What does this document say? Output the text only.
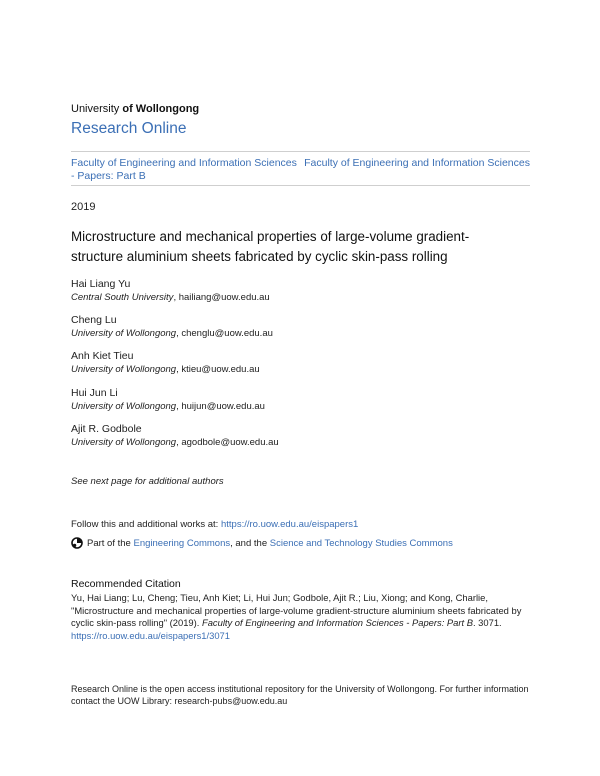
University of Wollongong
Research Online
Faculty of Engineering and Information Sciences - Papers: Part B
Faculty of Engineering and Information Sciences
2019
Microstructure and mechanical properties of large-volume gradient-structure aluminium sheets fabricated by cyclic skin-pass rolling
Hai Liang Yu
Central South University, hailiang@uow.edu.au
Cheng Lu
University of Wollongong, chenglu@uow.edu.au
Anh Kiet Tieu
University of Wollongong, ktieu@uow.edu.au
Hui Jun Li
University of Wollongong, huijun@uow.edu.au
Ajit R. Godbole
University of Wollongong, agodbole@uow.edu.au
See next page for additional authors
Follow this and additional works at: https://ro.uow.edu.au/eispapers1
Part of the
Engineering Commons , and the
Science and Technology Studies Commons
Recommended Citation
Yu, Hai Liang; Lu, Cheng; Tieu, Anh Kiet; Li, Hui Jun; Godbole, Ajit R.; Liu, Xiong; and Kong, Charlie, "Microstructure and mechanical properties of large-volume gradient-structure aluminium sheets fabricated by cyclic skin-pass rolling" (2019). Faculty of Engineering and Information Sciences - Papers: Part B. 3071.
https://ro.uow.edu.au/eispapers1/3071
Research Online is the open access institutional repository for the University of Wollongong. For further information contact the UOW Library: research-pubs@uow.edu.au
